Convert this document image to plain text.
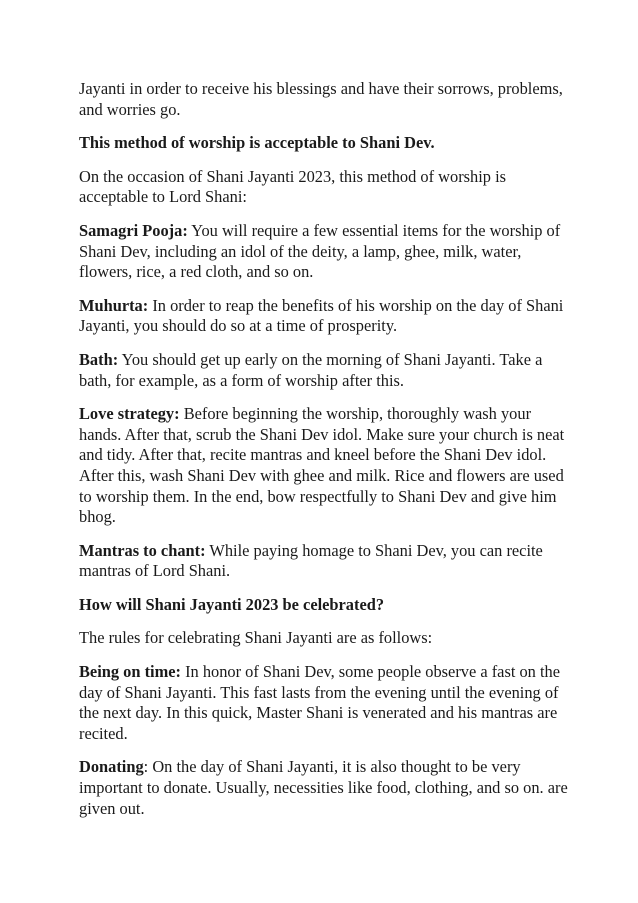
Jayanti in order to receive his blessings and have their sorrows, problems, and worries go.

This method of worship is acceptable to Shani Dev.

On the occasion of Shani Jayanti 2023, this method of worship is acceptable to Lord Shani:

Samagri Pooja: You will require a few essential items for the worship of Shani Dev, including an idol of the deity, a lamp, ghee, milk, water, flowers, rice, a red cloth, and so on.

Muhurta: In order to reap the benefits of his worship on the day of Shani Jayanti, you should do so at a time of prosperity.

Bath: You should get up early on the morning of Shani Jayanti. Take a bath, for example, as a form of worship after this.

Love strategy: Before beginning the worship, thoroughly wash your hands. After that, scrub the Shani Dev idol. Make sure your church is neat and tidy. After that, recite mantras and kneel before the Shani Dev idol. After this, wash Shani Dev with ghee and milk. Rice and flowers are used to worship them. In the end, bow respectfully to Shani Dev and give him bhog.

Mantras to chant: While paying homage to Shani Dev, you can recite mantras of Lord Shani.

How will Shani Jayanti 2023 be celebrated?

The rules for celebrating Shani Jayanti are as follows:

Being on time: In honor of Shani Dev, some people observe a fast on the day of Shani Jayanti. This fast lasts from the evening until the evening of the next day. In this quick, Master Shani is venerated and his mantras are recited.

Donating: On the day of Shani Jayanti, it is also thought to be very important to donate. Usually, necessities like food, clothing, and so on. are given out.
